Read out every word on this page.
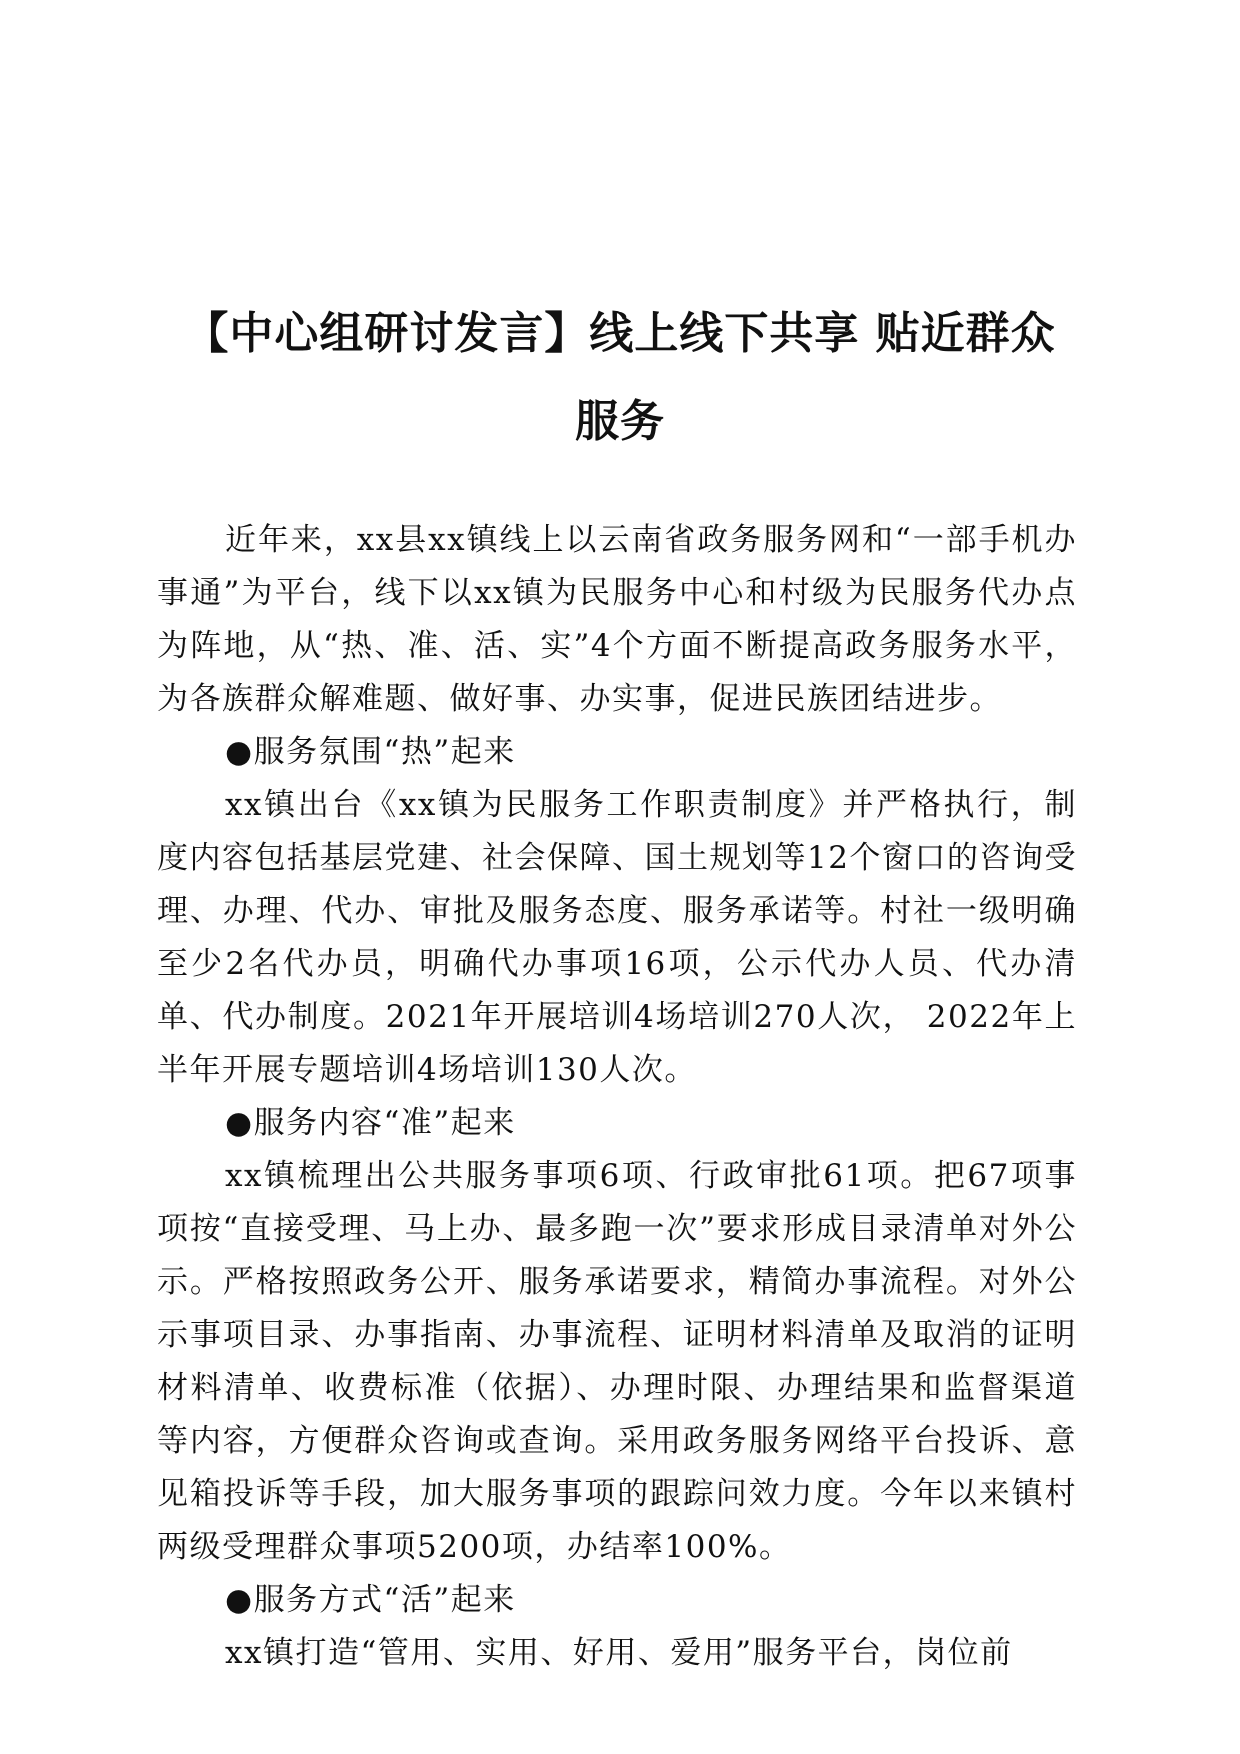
【中心组研讨发言】线上线下共享 贴近群众
服务

近年来，xx县xx镇线上以云南省政务服务网和“一部手机办事通”为平台，线下以xx镇为民服务中心和村级为民服务代办点为阵地，从“热、准、活、实”4个方面不断提高政务服务水平，为各族群众解难题、做好事、办实事，促进民族团结进步。

●服务氛围“热”起来

xx镇出台《xx镇为民服务工作职责制度》并严格执行，制度内容包括基层党建、社会保障、国土规划等12个窗口的咨询受理、办理、代办、审批及服务态度、服务承诺等。村社一级明确至少2名代办员，明确代办事项16项，公示代办人员、代办清单、代办制度。2021年开展培训4场培训270人次， 2022年上半年开展专题培训4场培训130人次。

●服务内容“准”起来

xx镇梳理出公共服务事项6项、行政审批61项。把67项事项按“直接受理、马上办、最多跑一次”要求形成目录清单对外公示。严格按照政务公开、服务承诺要求，精简办事流程。对外公示事项目录、办事指南、办事流程、证明材料清单及取消的证明材料清单、收费标准（依据）、办理时限、办理结果和监督渠道等内容，方便群众咨询或查询。采用政务服务网络平台投诉、意见箱投诉等手段，加大服务事项的跟踪问效力度。今年以来镇村两级受理群众事项5200项，办结率100%。

●服务方式“活”起来

xx镇打造“管用、实用、好用、爱用”服务平台，岗位前
